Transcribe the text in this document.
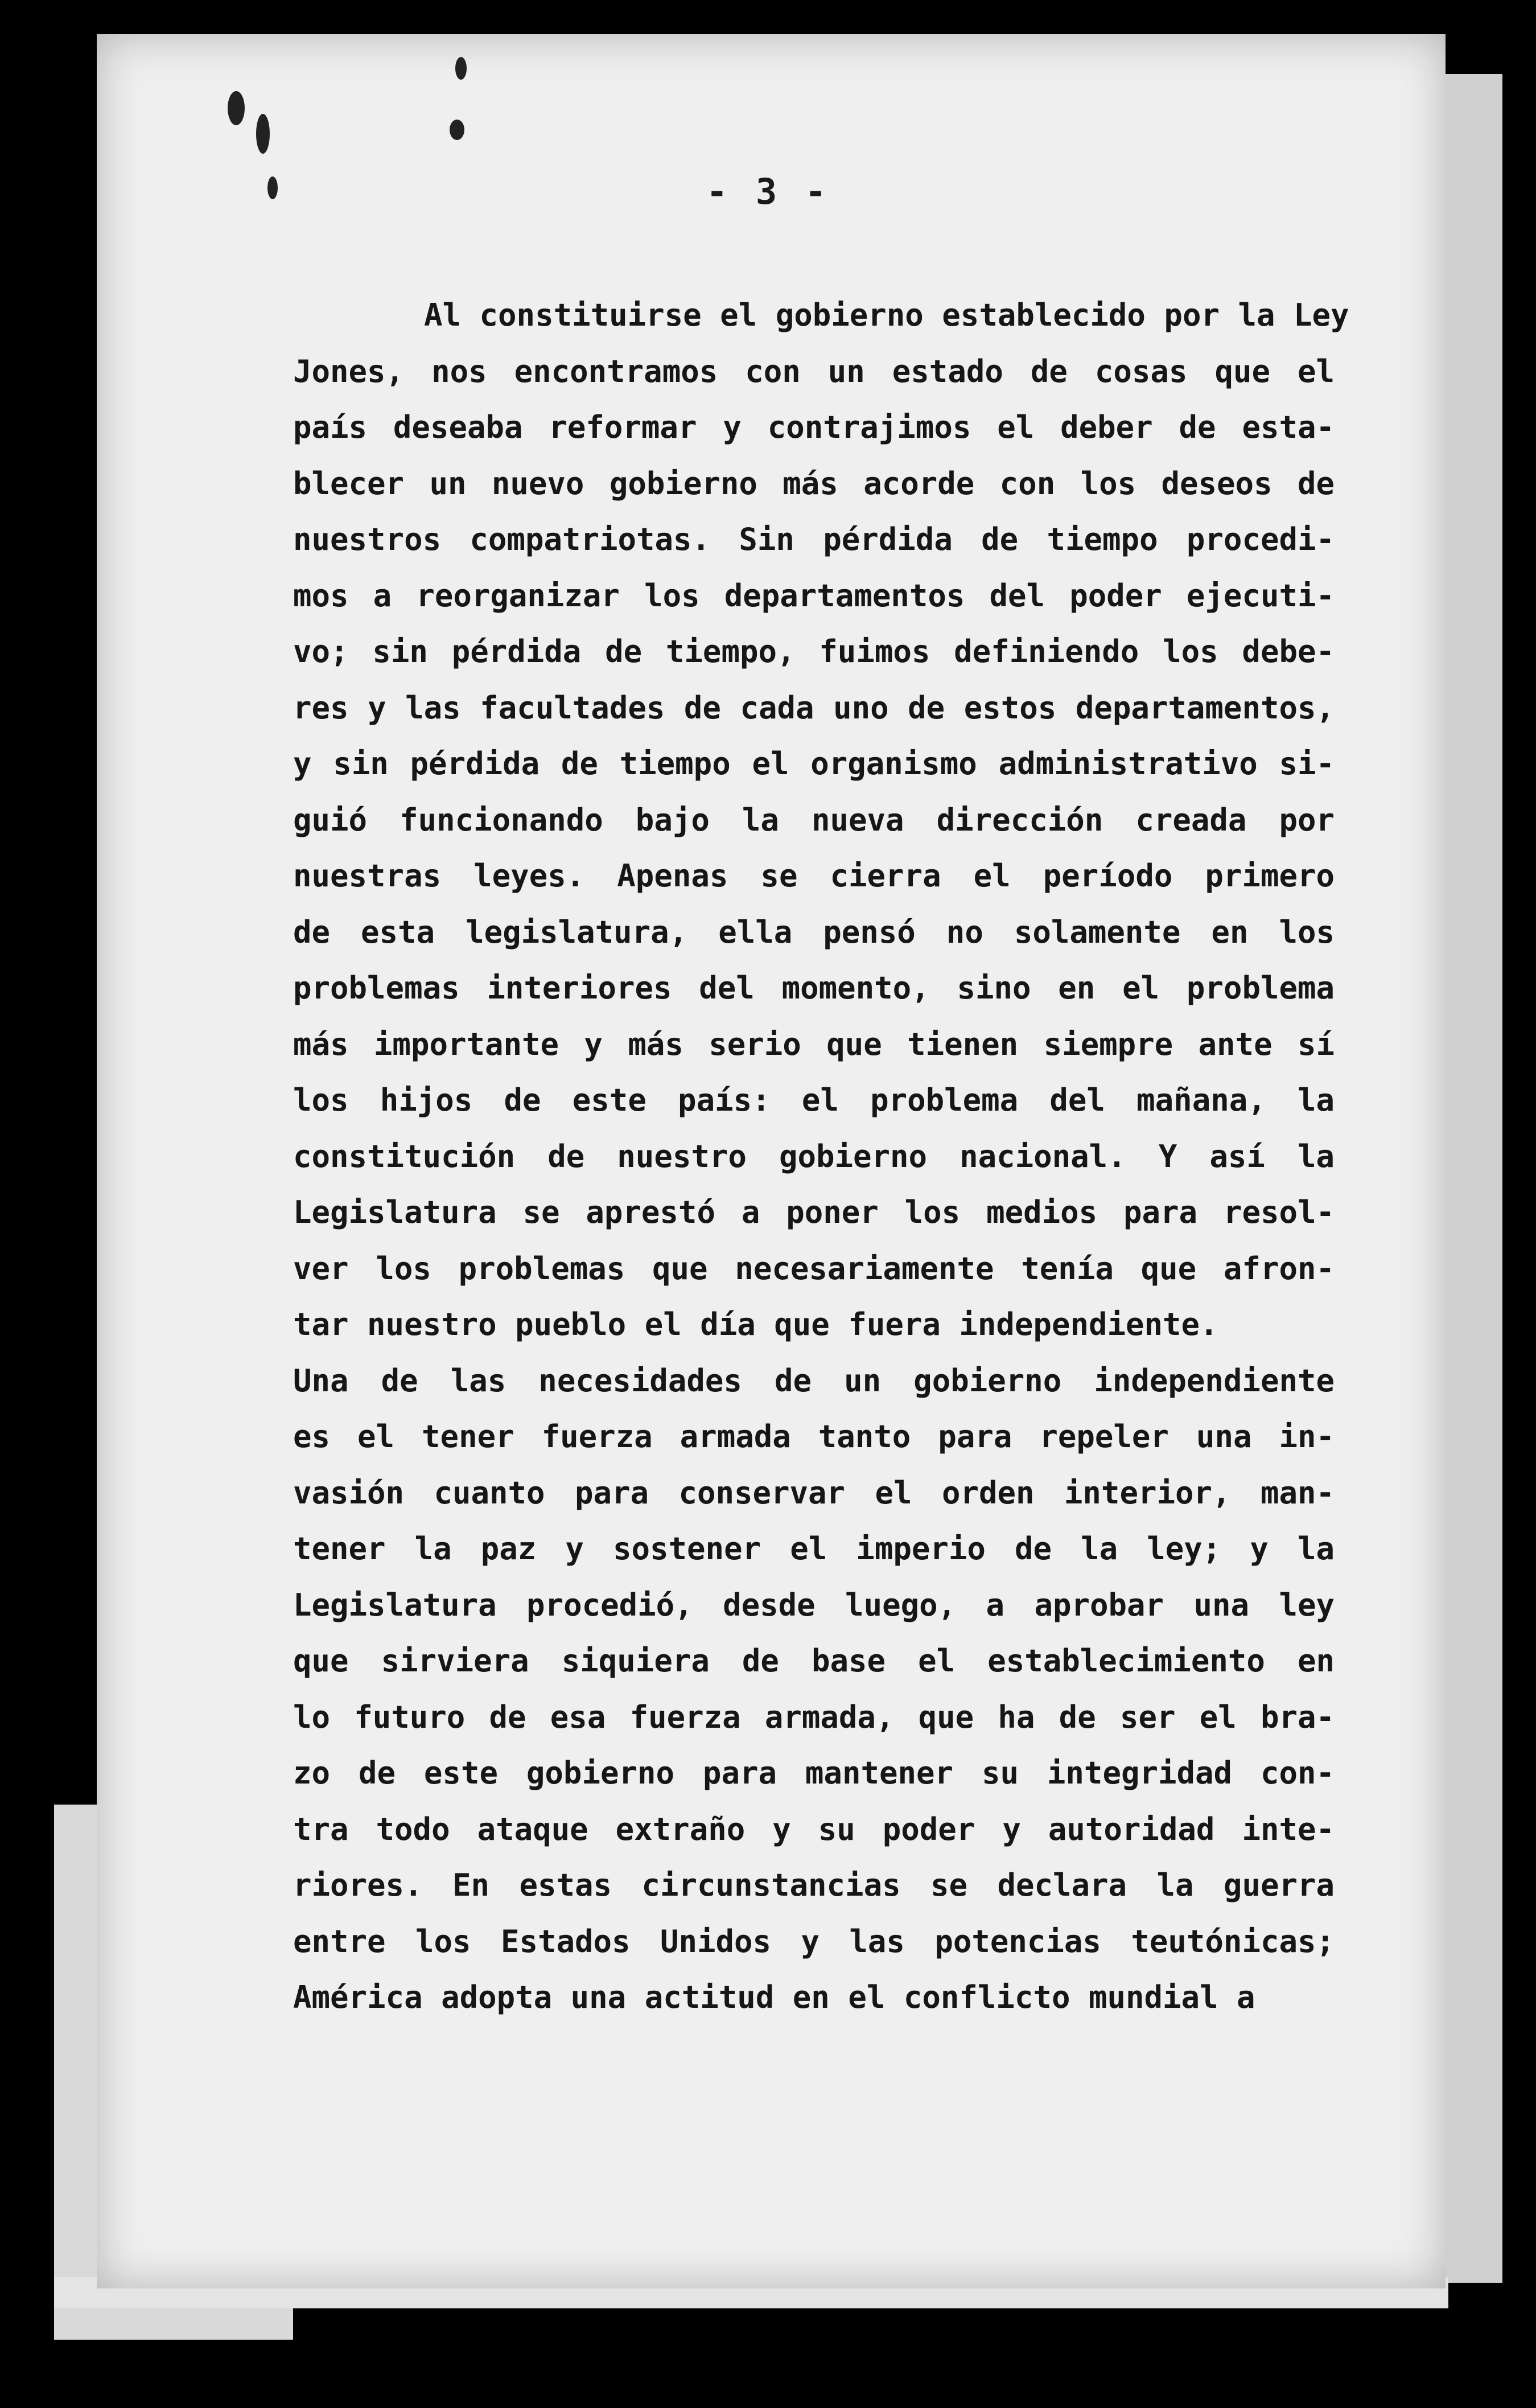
- 3 -
Al constituirse el gobierno establecido por la Ley
Jones, nos encontramos con un estado de cosas que el
país deseaba reformar y contrajimos el deber de esta-
blecer un nuevo gobierno más acorde con los deseos de
nuestros compatriotas. Sin pérdida de tiempo procedi-
mos a reorganizar los departamentos del poder ejecuti-
vo; sin pérdida de tiempo, fuimos definiendo los debe-
res y las facultades de cada uno de estos departamentos,
y sin pérdida de tiempo el organismo administrativo si-
guió funcionando bajo la nueva dirección creada por
nuestras leyes. Apenas se cierra el período primero
de esta legislatura, ella pensó no solamente en los
problemas interiores del momento, sino en el problema
más importante y más serio que tienen siempre ante sí
los hijos de este país: el problema del mañana, la
constitución de nuestro gobierno nacional. Y así la
Legislatura se aprestó a poner los medios para resol-
ver los problemas que necesariamente tenía que afron-
tar nuestro pueblo el día que fuera independiente.
Una de las necesidades de un gobierno independiente
es el tener fuerza armada tanto para repeler una in-
vasión cuanto para conservar el orden interior, man-
tener la paz y sostener el imperio de la ley; y la
Legislatura procedió, desde luego, a aprobar una ley
que sirviera siquiera de base el establecimiento en
lo futuro de esa fuerza armada, que ha de ser el bra-
zo de este gobierno para mantener su integridad con-
tra todo ataque extraño y su poder y autoridad inte-
riores. En estas circunstancias se declara la guerra
entre los Estados Unidos y las potencias teutónicas;
América adopta una actitud en el conflicto mundial a
